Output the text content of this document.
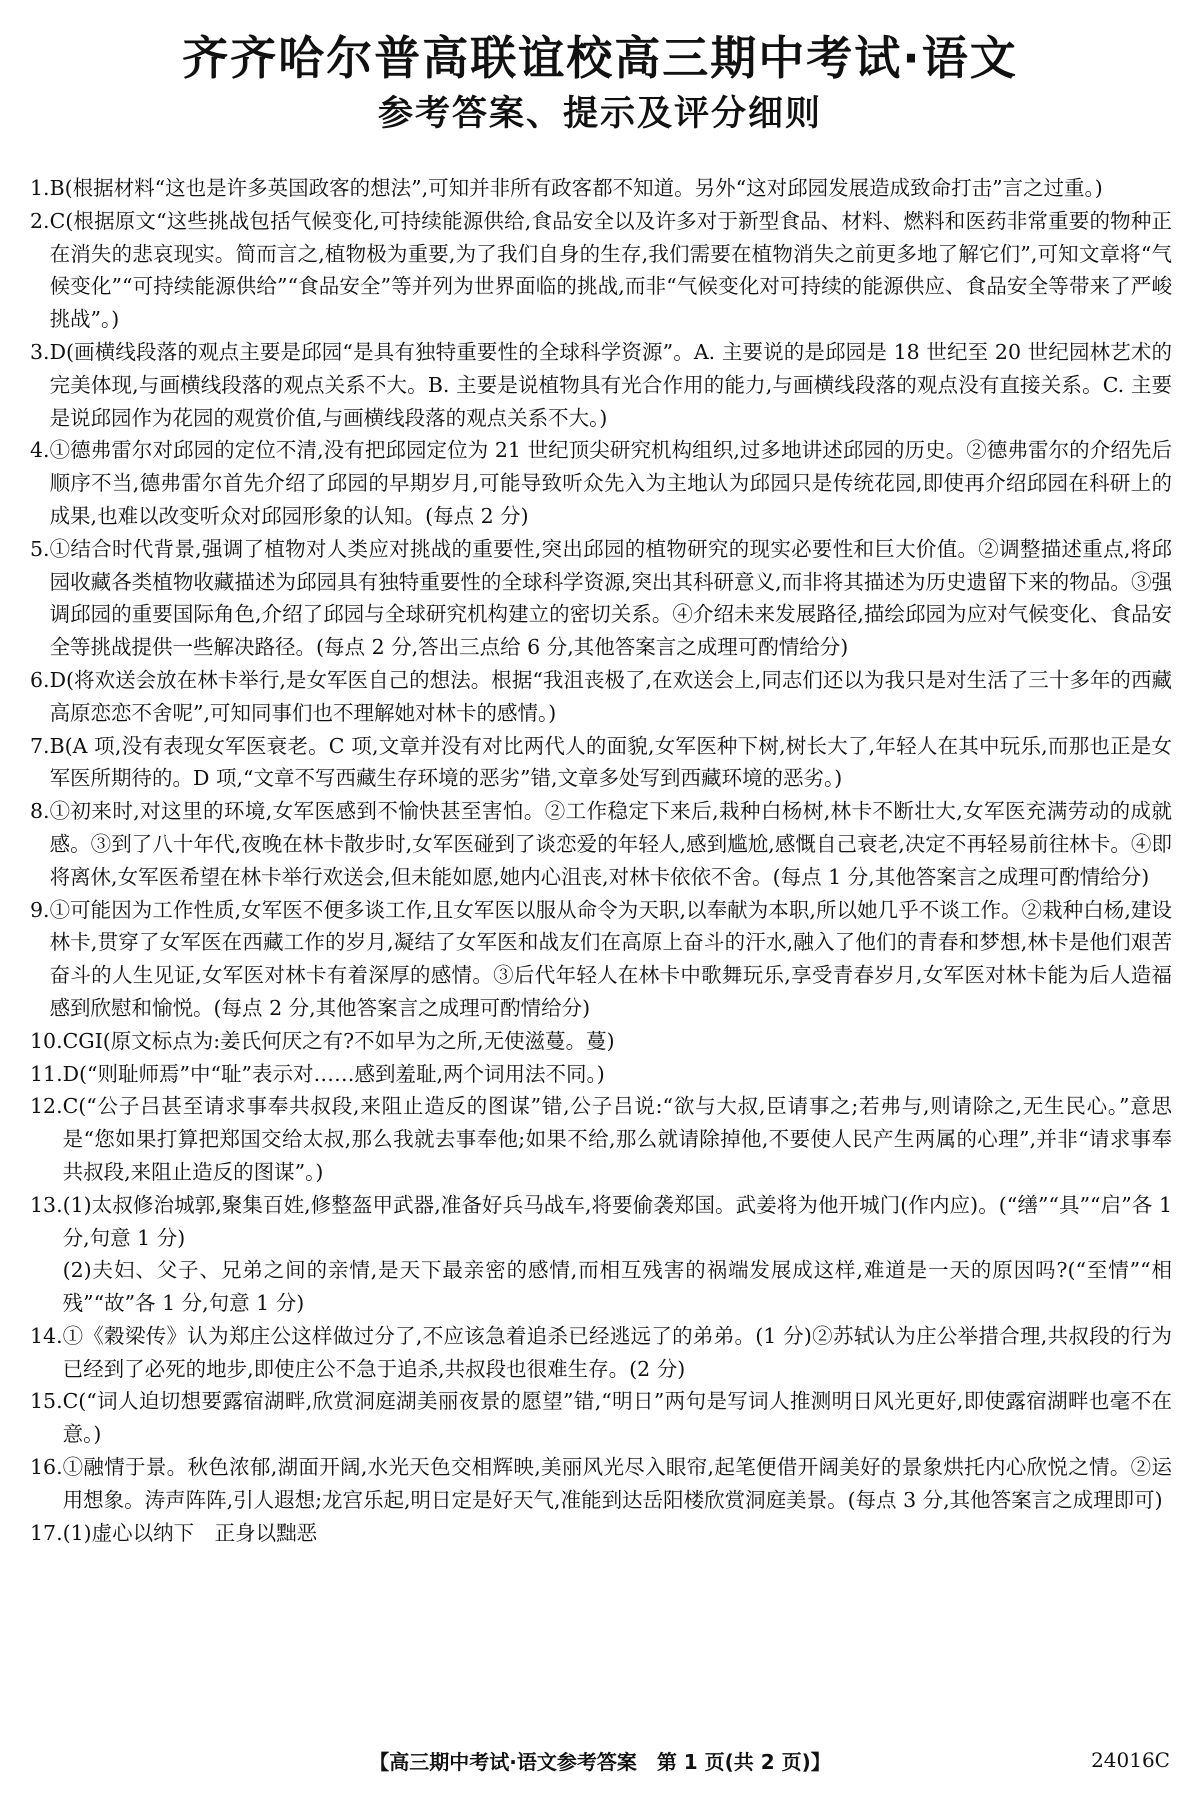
齐齐哈尔普高联谊校高三期中考试·语文
参考答案、提示及评分细则
1. B(根据材料“这也是许多英国政客的想法”,可知并非所有政客都不知道。另外“这对邱园发展造成致命打击”言之过重。)
2. C(根据原文“这些挑战包括气候变化,可持续能源供给,食品安全以及许多对于新型食品、材料、燃料和医药非常重要的物种正在消失的悲哀现实。简而言之,植物极为重要,为了我们自身的生存,我们需要在植物消失之前更多地了解它们”,可知文章将“气候变化”“可持续能源供给”“食品安全”等并列为世界面临的挑战,而非“气候变化对可持续的能源供应、食品安全等带来了严峻挑战”。)
3. D(画横线段落的观点主要是邱园“是具有独特重要性的全球科学资源”。A. 主要说的是邱园是 18 世纪至 20 世纪园林艺术的完美体现,与画横线段落的观点关系不大。B. 主要是说植物具有光合作用的能力,与画横线段落的观点没有直接关系。C. 主要是说邱园作为花园的观赏价值,与画横线段落的观点关系不大。)
4. ①德弗雷尔对邱园的定位不清,没有把邱园定位为 21 世纪顶尖研究机构组织,过多地讲述邱园的历史。②德弗雷尔的介绍先后顺序不当,德弗雷尔首先介绍了邱园的早期岁月,可能导致听众先入为主地认为邱园只是传统花园,即使再介绍邱园在科研上的成果,也难以改变听众对邱园形象的认知。(每点 2 分)
5. ①结合时代背景,强调了植物对人类应对挑战的重要性,突出邱园的植物研究的现实必要性和巨大价值。②调整描述重点,将邱园收藏各类植物收藏描述为邱园具有独特重要性的全球科学资源,突出其科研意义,而非将其描述为历史遗留下来的物品。③强调邱园的重要国际角色,介绍了邱园与全球研究机构建立的密切关系。④介绍未来发展路径,描绘邱园为应对气候变化、食品安全等挑战提供一些解决路径。(每点 2 分,答出三点给 6 分,其他答案言之成理可酌情给分)
6. D(将欢送会放在林卡举行,是女军医自己的想法。根据“我沮丧极了,在欢送会上,同志们还以为我只是对生活了三十多年的西藏高原恋恋不舍呢”,可知同事们也不理解她对林卡的感情。)
7. B(A 项,没有表现女军医衰老。C 项,文章并没有对比两代人的面貌,女军医种下树,树长大了,年轻人在其中玩乐,而那也正是女军医所期待的。D 项,“文章不写西藏生存环境的恶劣”错,文章多处写到西藏环境的恶劣。)
8. ①初来时,对这里的环境,女军医感到不愉快甚至害怕。②工作稳定下来后,栽种白杨树,林卡不断壮大,女军医充满劳动的成就感。③到了八十年代,夜晚在林卡散步时,女军医碰到了谈恋爱的年轻人,感到尴尬,感慨自己衰老,决定不再轻易前往林卡。④即将离休,女军医希望在林卡举行欢送会,但未能如愿,她内心沮丧,对林卡依依不舍。(每点 1 分,其他答案言之成理可酌情给分)
9. ①可能因为工作性质,女军医不便多谈工作,且女军医以服从命令为天职,以奉献为本职,所以她几乎不谈工作。②栽种白杨,建设林卡,贯穿了女军医在西藏工作的岁月,凝结了女军医和战友们在高原上奋斗的汗水,融入了他们的青春和梦想,林卡是他们艰苦奋斗的人生见证,女军医对林卡有着深厚的感情。③后代年轻人在林卡中歌舞玩乐,享受青春岁月,女军医对林卡能为后人造福感到欣慰和愉悦。(每点 2 分,其他答案言之成理可酌情给分)
10. CGI(原文标点为:姜氏何厌之有?不如早为之所,无使滋蔓。蔓)
11. D(“则耻师焉”中“耻”表示对……感到羞耻,两个词用法不同。)
12. C(“公子吕甚至请求事奉共叔段,来阻止造反的图谋”错,公子吕说:“欲与大叔,臣请事之;若弗与,则请除之,无生民心。”意思是“您如果打算把郑国交给太叔,那么我就去事奉他;如果不给,那么就请除掉他,不要使人民产生两属的心理”,并非“请求事奉共叔段,来阻止造反的图谋”。)
13. (1)太叔修治城郭,聚集百姓,修整盔甲武器,准备好兵马战车,将要偷袭郑国。武姜将为他开城门(作内应)。(“缮”“具”“启”各 1 分,句意 1 分)
(2)夫妇、父子、兄弟之间的亲情,是天下最亲密的感情,而相互残害的祸端发展成这样,难道是一天的原因吗?(“至情”“相残”“故”各 1 分,句意 1 分)
14. ①《穀梁传》认为郑庄公这样做过分了,不应该急着追杀已经逃远了的弟弟。(1 分)②苏轼认为庄公举措合理,共叔段的行为已经到了必死的地步,即使庄公不急于追杀,共叔段也很难生存。(2 分)
15. C(“词人迫切想要露宿湖畔,欣赏洞庭湖美丽夜景的愿望”错,“明日”两句是写词人推测明日风光更好,即使露宿湖畔也毫不在意。)
16. ①融情于景。秋色浓郁,湖面开阔,水光天色交相辉映,美丽风光尽入眼帘,起笔便借开阔美好的景象烘托内心欣悦之情。②运用想象。涛声阵阵,引人遐想;龙宫乐起,明日定是好天气,准能到达岳阳楼欣赏洞庭美景。(每点 3 分,其他答案言之成理即可)
17. (1)虚心以纳下　正身以黜恶
【高三期中考试·语文参考答案　第 1 页(共 2 页)】	24016C
